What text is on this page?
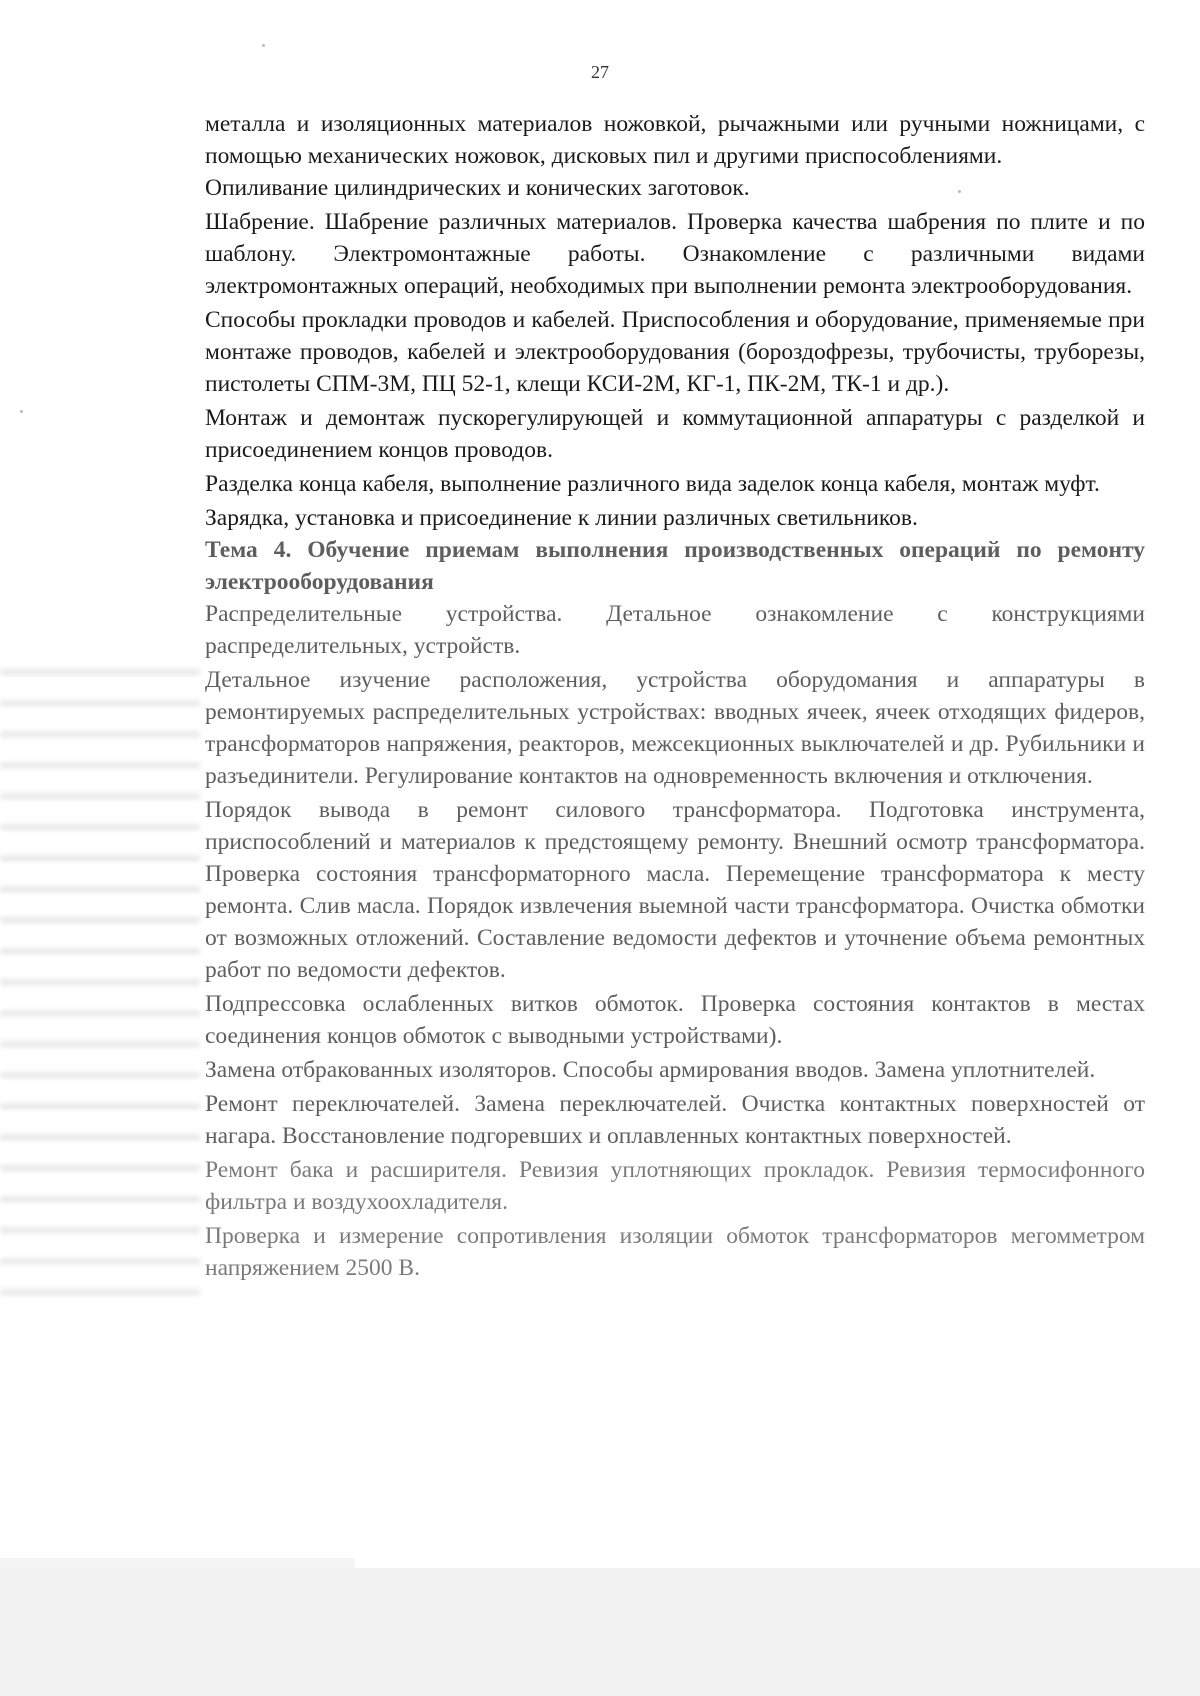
27

металла и изоляционных материалов ножовкой, рычажными или ручными ножницами, с помощью механических ножовок, дисковых пил и другими приспособлениями.

Опиливание цилиндрических и конических заготовок.

Шабрение. Шабрение различных материалов. Проверка качества шабрения по плите и по шаблону. Электромонтажные работы. Ознакомление с различными видами электромонтажных операций, необходимых при выполнении ремонта электрооборудования.

Способы прокладки проводов и кабелей. Приспособления и оборудование, применяемые при монтаже проводов, кабелей и электрооборудования (бороздофрезы, трубочисты, труборезы, пистолеты СПМ-3М, ПЦ 52-1, клещи КСИ-2М, КГ-1, ПК-2М, ТК-1 и др.).

Монтаж и демонтаж пускорегулирующей и коммутационной аппаратуры с разделкой и присоединением концов проводов.

Разделка конца кабеля, выполнение различного вида заделок конца кабеля, монтаж муфт.

Зарядка, установка и присоединение к линии различных светильников.

Тема 4. Обучение приемам выполнения производственных операций по ремонту электрооборудования

Распределительные устройства. Детальное ознакомление с конструкциями распределительных, устройств.

Детальное изучение расположения, устройства оборудомания и аппаратуры в ремонтируемых распределительных устройствах: вводных ячеек, ячеек отходящих фидеров, трансформаторов напряжения, реакторов, межсекционных выключателей и др. Рубильники и разъединители. Регулирование контактов на одновременность включения и отключения.

Порядок вывода в ремонт силового трансформатора. Подготовка инструмента, приспособлений и материалов к предстоящему ремонту. Внешний осмотр трансформатора. Проверка состояния трансформаторного масла. Перемещение трансформатора к месту ремонта. Слив масла. Порядок извлечения выемной части трансформатора. Очистка обмотки от возможных отложений. Составление ведомости дефектов и уточнение объема ремонтных работ по ведомости дефектов.

Подпрессовка ослабленных витков обмоток. Проверка состояния контактов в местах соединения концов обмоток с выводными устройствами).

Замена отбракованных изоляторов. Способы армирования вводов. Замена уплотнителей.

Ремонт переключателей. Замена переключателей. Очистка контактных поверхностей от нагара. Восстановление подгоревших и оплавленных контактных поверхностей.

Ремонт бака и расширителя. Ревизия уплотняющих прокладок. Ревизия термосифонного фильтра и воздухоохладителя.

Проверка и измерение сопротивления изоляции обмоток трансформаторов мегомметром напряжением 2500 В.
